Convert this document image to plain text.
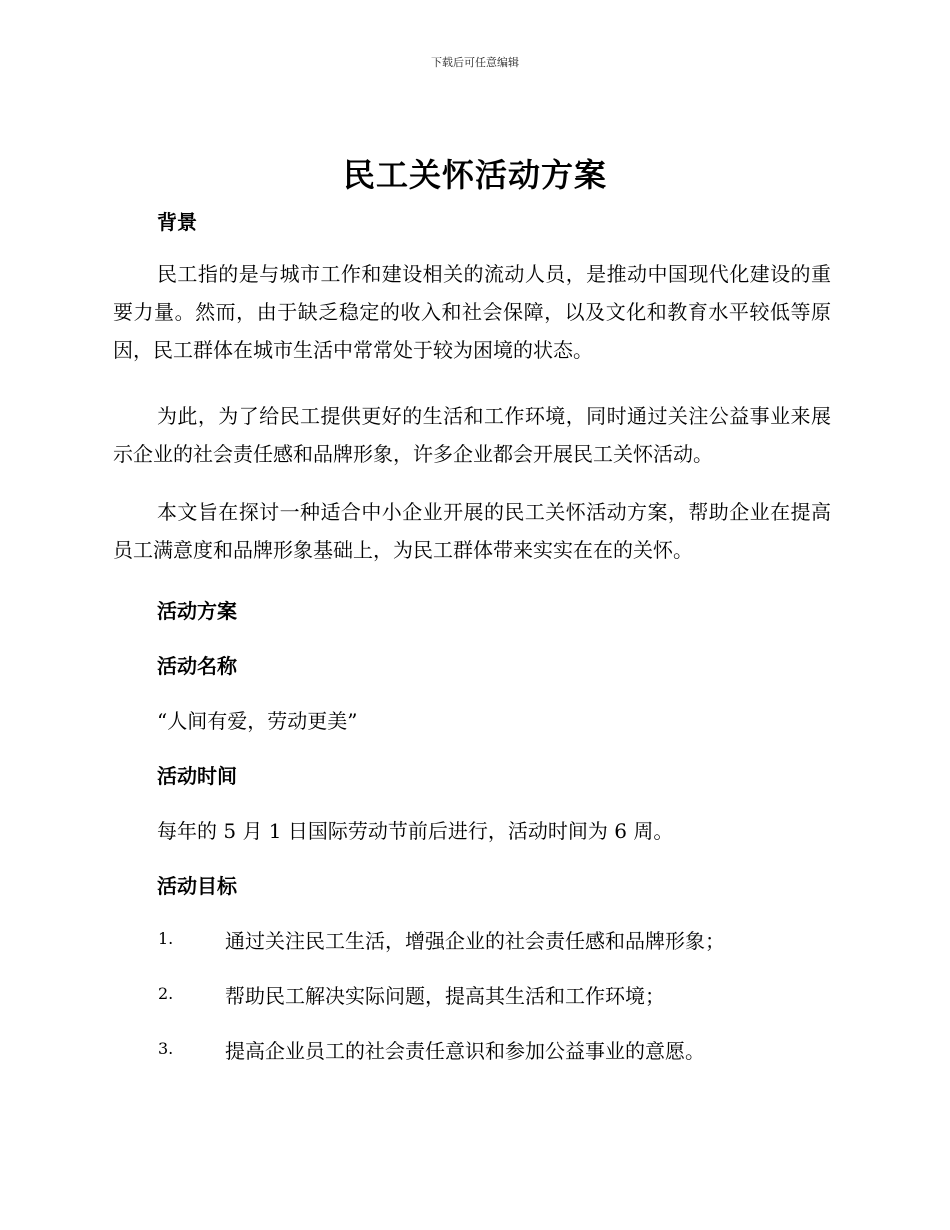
下载后可任意编辑
民工关怀活动方案
背景
民工指的是与城市工作和建设相关的流动人员，是推动中国现代化建设的重要力量。然而，由于缺乏稳定的收入和社会保障，以及文化和教育水平较低等原因，民工群体在城市生活中常常处于较为困境的状态。
为此，为了给民工提供更好的生活和工作环境，同时通过关注公益事业来展示企业的社会责任感和品牌形象，许多企业都会开展民工关怀活动。
本文旨在探讨一种适合中小企业开展的民工关怀活动方案，帮助企业在提高员工满意度和品牌形象基础上，为民工群体带来实实在在的关怀。
活动方案
活动名称
“人间有爱，劳动更美”
活动时间
每年的 5 月 1 日国际劳动节前后进行，活动时间为 6 周。
活动目标
1.	通过关注民工生活，增强企业的社会责任感和品牌形象；
2.	帮助民工解决实际问题，提高其生活和工作环境；
3.	提高企业员工的社会责任意识和参加公益事业的意愿。
